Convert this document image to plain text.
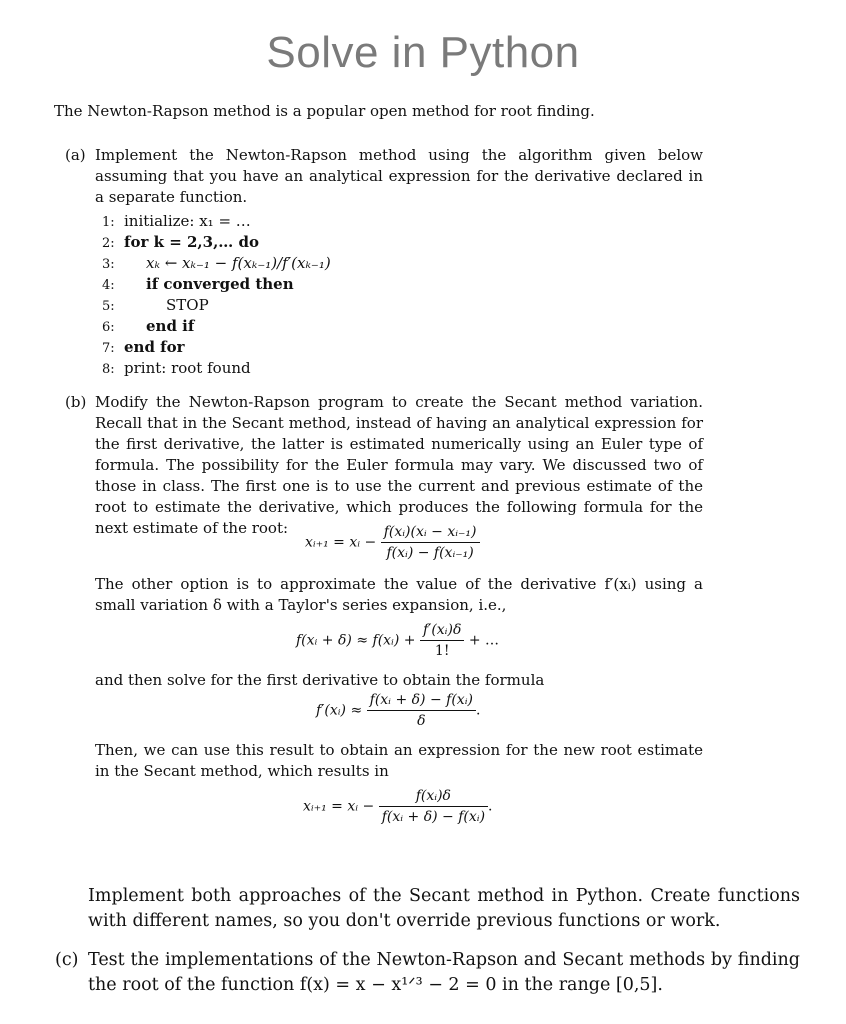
Solve in Python
The Newton-Rapson method is a popular open method for root finding.
(a) Implement the Newton-Rapson method using the algorithm given below assuming that you have an analytical expression for the derivative declared in a separate function.
1: initialize: x₁ = …
2: for k = 2,3,… do
3: xₖ ← xₖ₋₁ − f(xₖ₋₁)/f′(xₖ₋₁)
4: if converged then
5:	STOP
6: end if
7: end for
8: print: root found
(b) Modify the Newton-Rapson program to create the Secant method variation. Recall that in the Secant method, instead of having an analytical expression for the first derivative, the latter is estimated numerically using an Euler type of formula. The possibility for the Euler formula may vary. We discussed two of those in class. The first one is to use the current and previous estimate of the root to estimate the derivative, which produces the following formula for the next estimate of the root:
xᵢ₊₁ = xᵢ − $\frac{\text{f(xᵢ)(xᵢ − xᵢ₋₁)}}{\text{f(xᵢ) − f(xᵢ₋₁)}}$
The other option is to approximate the value of the derivative f′(xᵢ) using a small variation δ with a Taylor's series expansion, i.e.,
f(xᵢ + δ) ≈ f(xᵢ) + $\frac{\text{f′(xᵢ)δ}}{1!}$ + …
and then solve for the first derivative to obtain the formula
f′(xᵢ) ≈ $\frac{\text{f(xᵢ + δ) − f(xᵢ)}}{\delta}$ .
Then, we can use this result to obtain an expression for the new root estimate in the Secant method, which results in
xᵢ₊₁ = xᵢ − $\frac{\text{f(xᵢ)δ}}{\text{f(xᵢ + δ) − f(xᵢ)}}$ .
Implement both approaches of the Secant method in Python. Create functions with different names, so you don't override previous functions or work.
(c) Test the implementations of the Newton-Rapson and Secant methods by finding the root of the function f(x) = x − x¹ᐟ³ − 2 = 0 in the range [0,5].
